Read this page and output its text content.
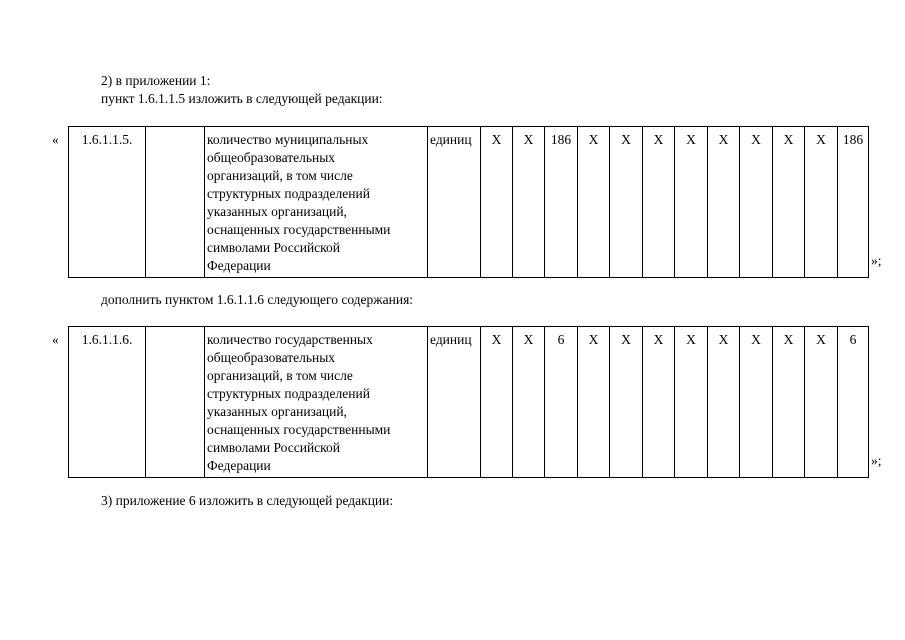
2) в приложении 1:
пункт 1.6.1.1.5 изложить в следующей редакции:
« 1.6.1.1.5.		количество муниципальных
общеобразовательных
организаций, в том числе
структурных подразделений
указанных организаций,
оснащенных государственными
символами Российской
Федерации
	единиц	X	X	186	X	X	X	X	X	X	X	X	186
»;
дополнить пунктом 1.6.1.1.6 следующего содержания:
« 1.6.1.1.6.		количество государственных
общеобразовательных
организаций, в том числе
структурных подразделений
указанных организаций,
оснащенных государственными
символами Российской
Федерации
	единиц	X	X	6	X	X	X	X	X	X	X	X	6
»;
3) приложение 6 изложить в следующей редакции:
